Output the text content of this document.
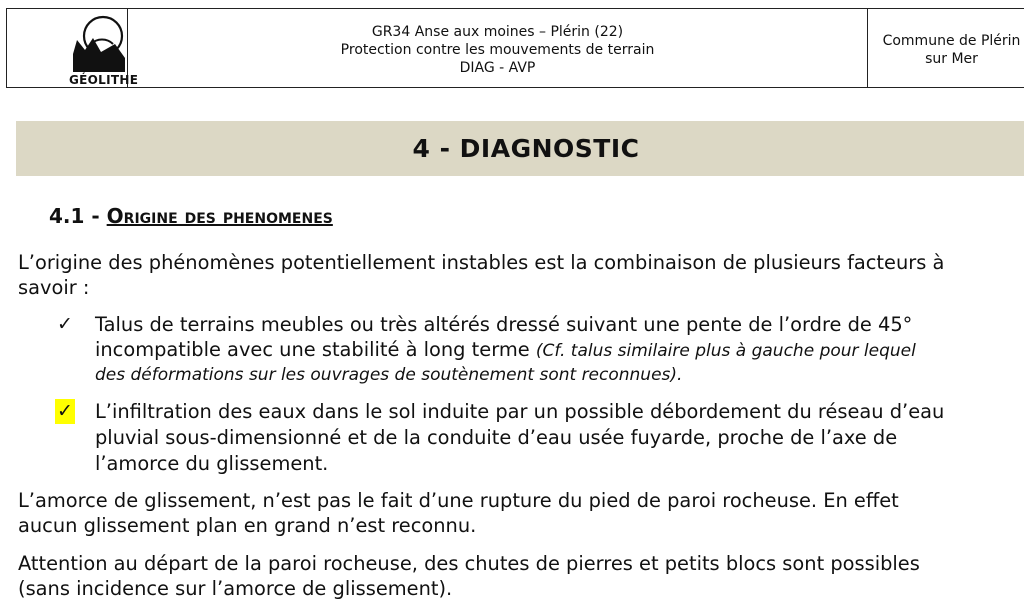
GÉOLITHE
GR34 Anse aux moines – Plérin (22)
Protection contre les mouvements de terrain
DIAG - AVP
Commune de Plérin
sur Mer
4 - DIAGNOSTIC
4.1 - Origine des phenomenes

L’origine des phénomènes potentiellement instables est la combinaison de plusieurs facteurs à

savoir :

✓ Talus de terrains meubles ou très altérés dressé suivant une pente de l’ordre de 45°

incompatible avec une stabilité à long terme (Cf. talus similaire plus à gauche pour lequel

des déformations sur les ouvrages de soutènement sont reconnues).

✓ L’infiltration des eaux dans le sol induite par un possible débordement du réseau d’eau

pluvial sous-dimensionné et de la conduite d’eau usée fuyarde, proche de l’axe de

l’amorce du glissement.

L’amorce de glissement, n’est pas le fait d’une rupture du pied de paroi rocheuse. En effet

aucun glissement plan en grand n’est reconnu.

Attention au départ de la paroi rocheuse, des chutes de pierres et petits blocs sont possibles

(sans incidence sur l’amorce de glissement).
